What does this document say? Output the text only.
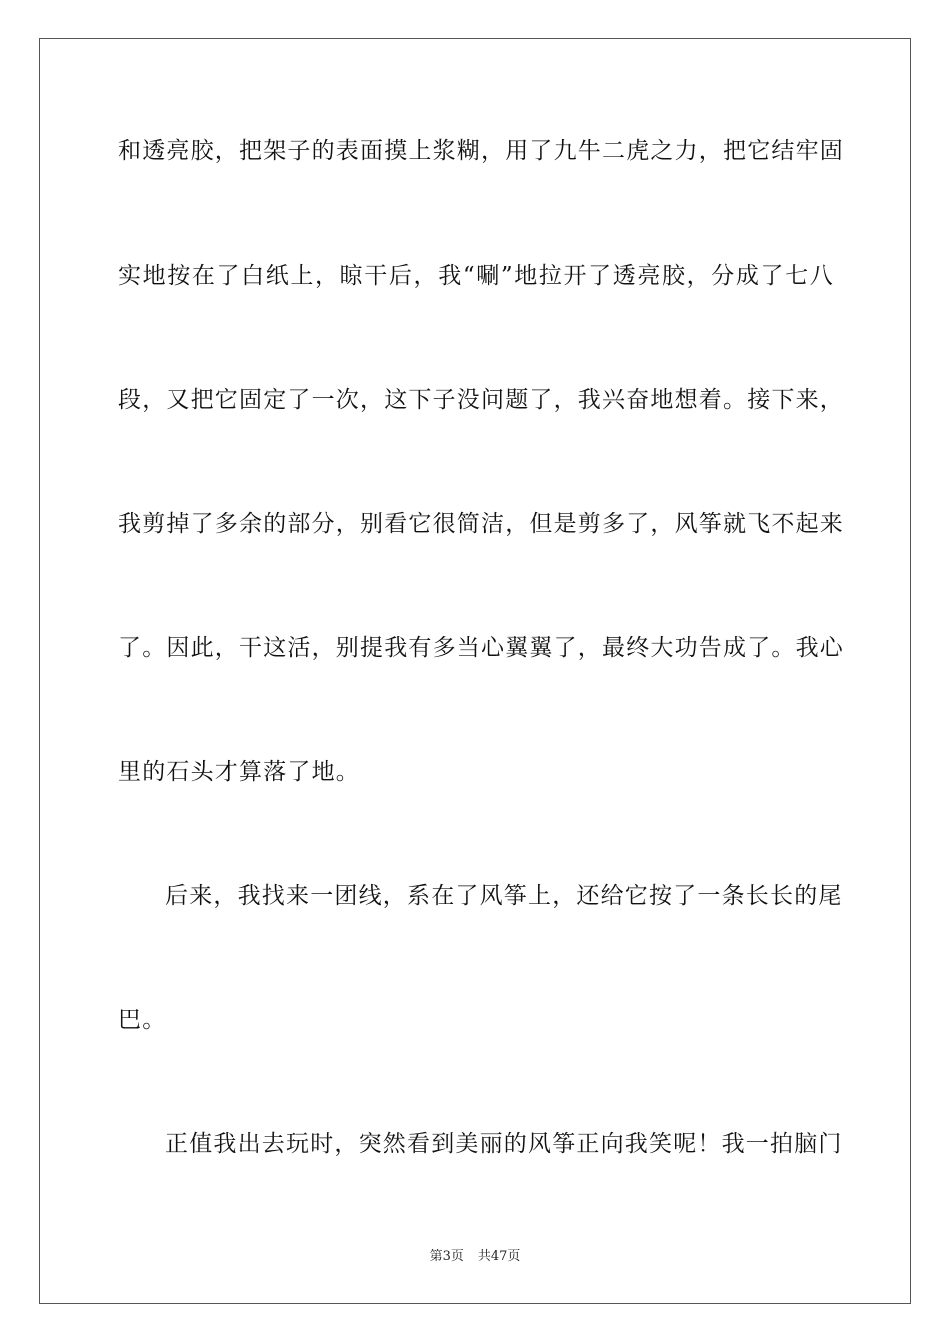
和透亮胶，把架子的表面摸上浆糊，用了九牛二虎之力，把它结牢固
实地按在了白纸上，晾干后，我“唰”地拉开了透亮胶，分成了七八
段，又把它固定了一次，这下子没问题了，我兴奋地想着。接下来，
我剪掉了多余的部分，别看它很简洁，但是剪多了，风筝就飞不起来
了。因此，干这活，别提我有多当心翼翼了，最终大功告成了。我心
里的石头才算落了地。
后来，我找来一团线，系在了风筝上，还给它按了一条长长的尾
巴。
正值我出去玩时，突然看到美丽的风筝正向我笑呢！我一拍脑门
第3页 共47页
